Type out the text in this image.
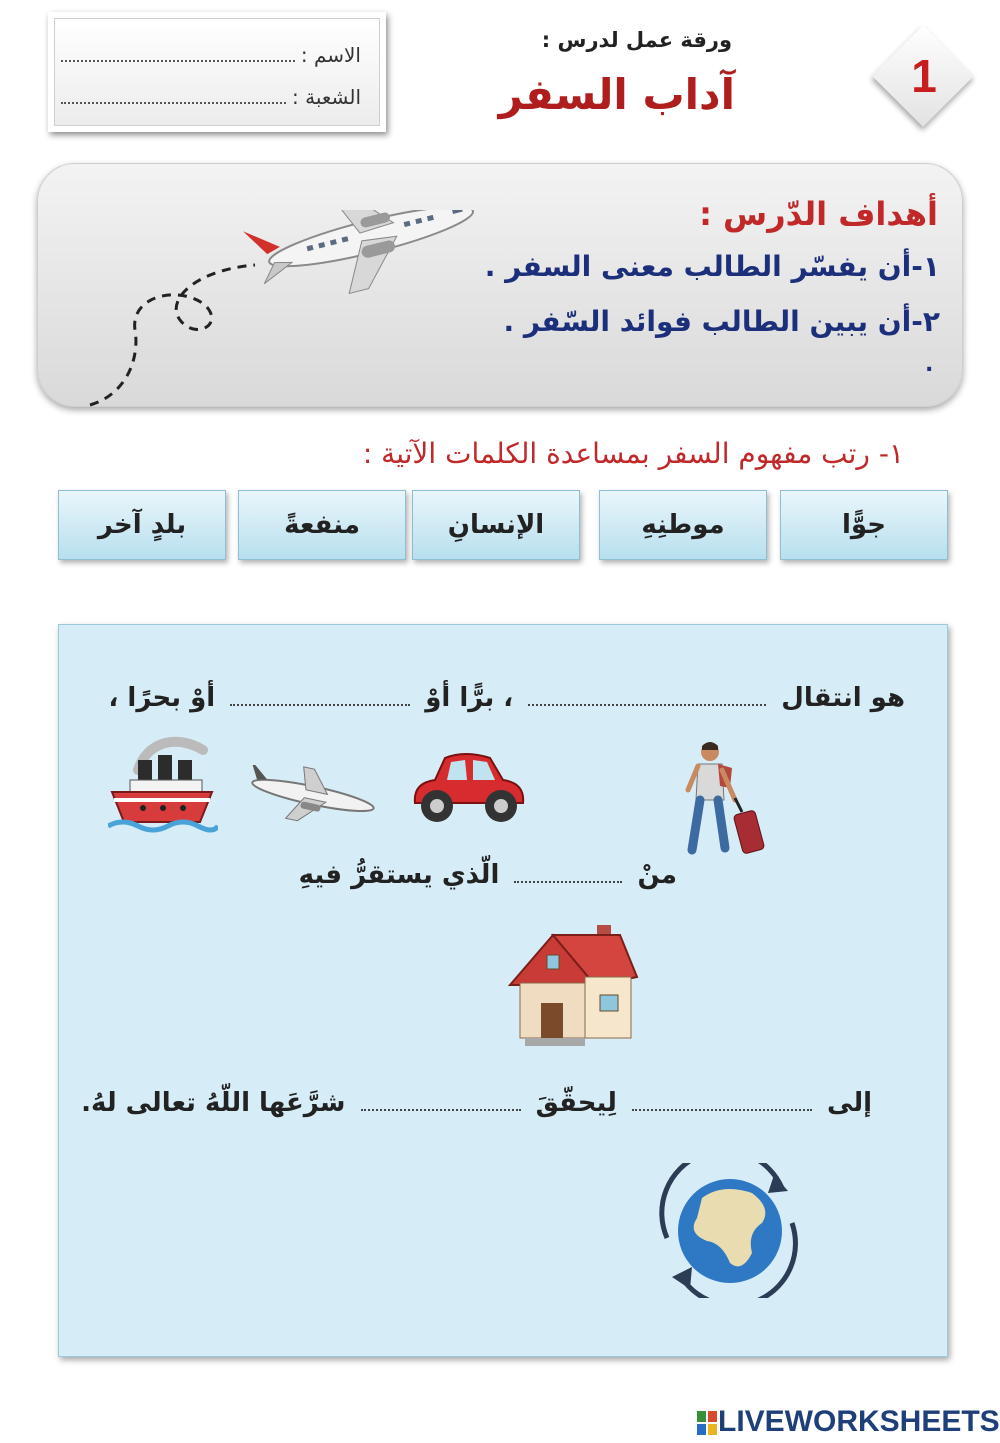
الاسم :
الشعبة :
ورقة عمل لدرس :
آداب السفر	1
أهداف الدّرس :
١-أن يفسّر الطالب معنى السفر .
٢-أن يبين الطالب فوائد السّفر .
.
١- رتب مفهوم السفر بمساعدة الكلمات الآتية :
جوًّا
موطنِهِ
الإنسانِ
منفعةً
بلدٍ آخر
هو انتقال  ، برًّا أوْ  أوْ بحرًا ،
منْ  الّذي يستقرُّ فيهِ
إلى  لِيحقّقَ  شرَّعَها اللّهُ تعالى لهُ.
LIVEWORKSHEETS
